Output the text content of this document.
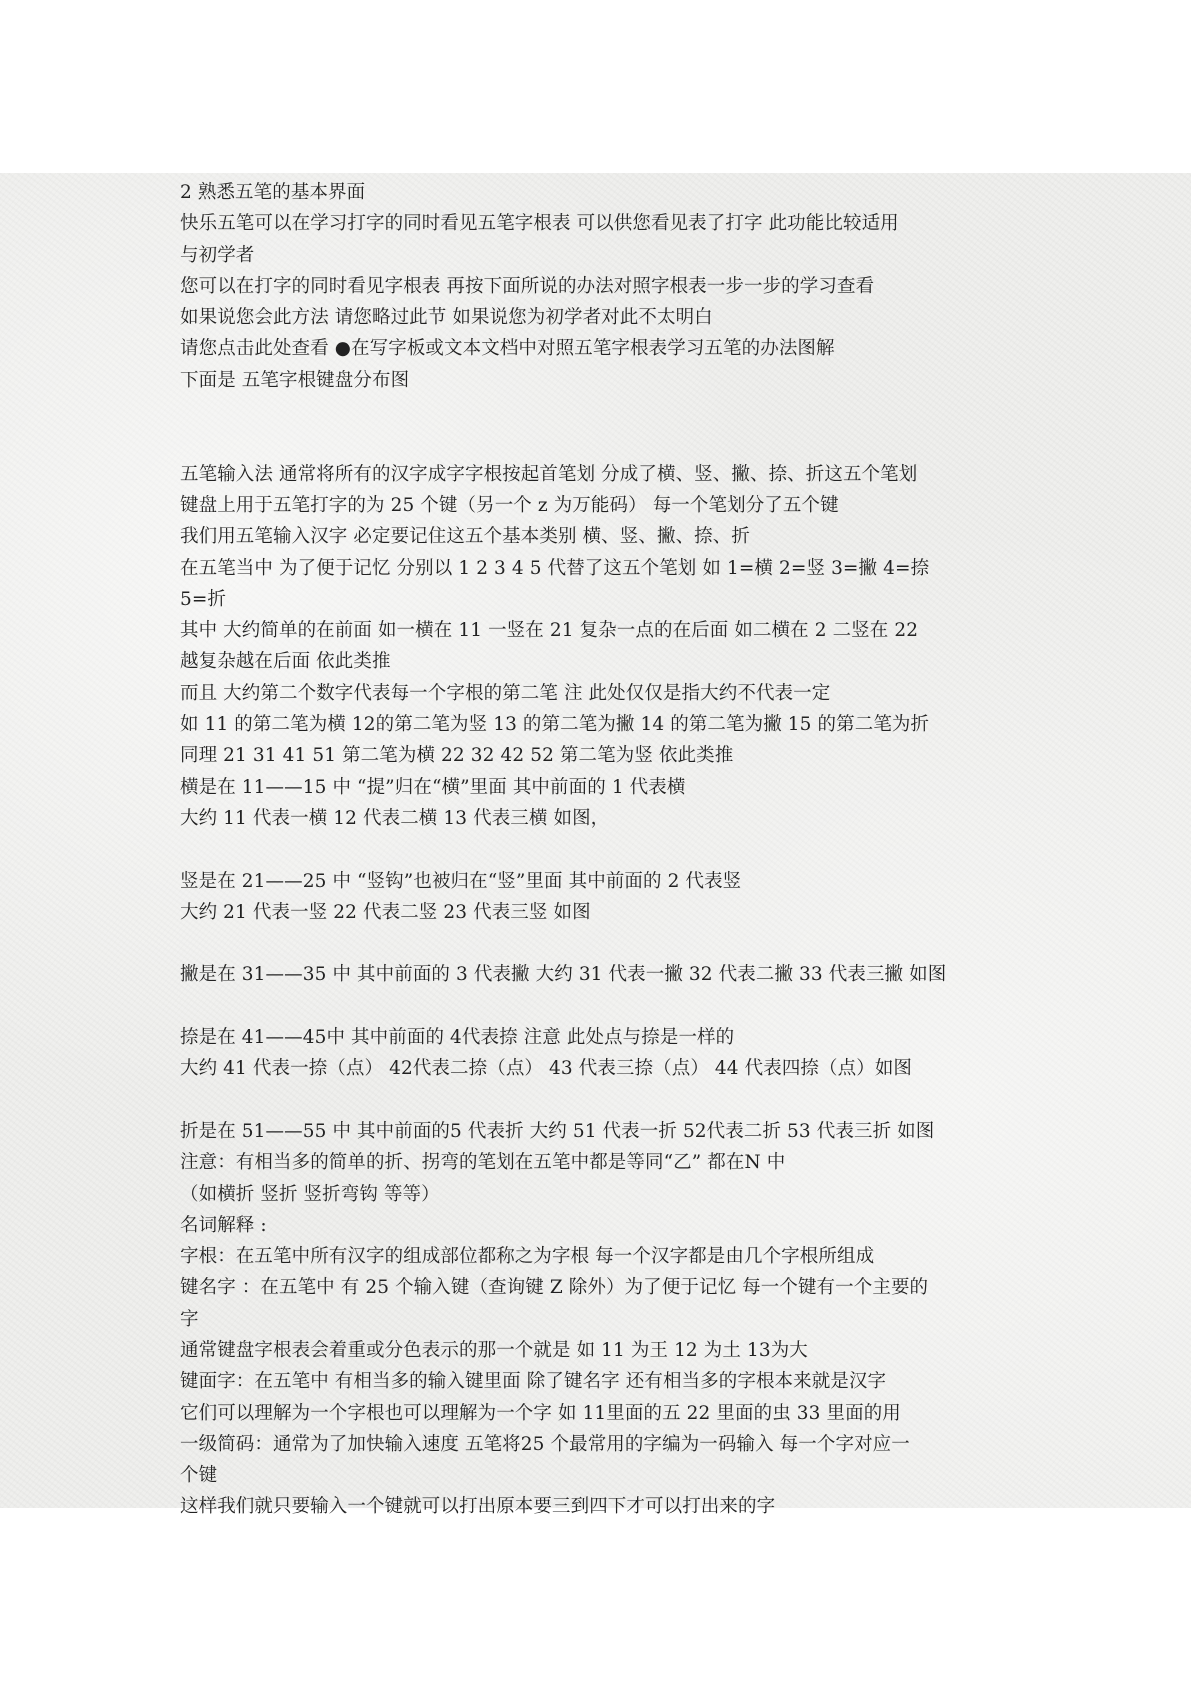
2 熟悉五笔的基本界面
快乐五笔可以在学习打字的同时看见五笔字根表 可以供您看见表了打字 此功能比较适用
与初学者
您可以在打字的同时看见字根表 再按下面所说的办法对照字根表一步一步的学习查看
如果说您会此方法 请您略过此节 如果说您为初学者对此不太明白
请您点击此处查看 ●在写字板或文本文档中对照五笔字根表学习五笔的办法图解
下面是 五笔字根键盘分布图
五笔输入法 通常将所有的汉字成字字根按起首笔划 分成了横、竖、撇、捺、折这五个笔划
键盘上用于五笔打字的为 25 个键（另一个 z 为万能码） 每一个笔划分了五个键
我们用五笔输入汉字 必定要记住这五个基本类别 横、竖、撇、捺、折
在五笔当中 为了便于记忆 分别以 1 2 3 4 5 代替了这五个笔划 如 1=横 2=竖 3=撇 4=捺
5=折
其中 大约简单的在前面 如一横在 11 一竖在 21 复杂一点的在后面 如二横在 2 二竖在 22
越复杂越在后面 依此类推
而且 大约第二个数字代表每一个字根的第二笔 注 此处仅仅是指大约不代表一定
如 11 的第二笔为横 12的第二笔为竖 13 的第二笔为撇 14 的第二笔为撇 15 的第二笔为折
同理 21 31 41 51 第二笔为横 22 32 42 52 第二笔为竖 依此类推
横是在 11——15 中 “提”归在“横”里面 其中前面的 1 代表横
大约 11 代表一横 12 代表二横 13 代表三横 如图，
竖是在 21——25 中 “竖钩”也被归在“竖”里面 其中前面的 2 代表竖
大约 21 代表一竖 22 代表二竖 23 代表三竖 如图
撇是在 31——35 中 其中前面的 3 代表撇 大约 31 代表一撇 32 代表二撇 33 代表三撇 如图
捺是在 41——45中 其中前面的 4代表捺 注意 此处点与捺是一样的
大约 41 代表一捺（点） 42代表二捺（点） 43 代表三捺（点） 44 代表四捺（点）如图
折是在 51——55 中 其中前面的5 代表折 大约 51 代表一折 52代表二折 53 代表三折 如图
注意：有相当多的简单的折、拐弯的笔划在五笔中都是等同“乙” 都在N 中
（如横折 竖折 竖折弯钩 等等）
名词解释 :
字根：在五笔中所有汉字的组成部位都称之为字根 每一个汉字都是由几个字根所组成
键名字 ：在五笔中 有 25 个输入键（查询键 Z 除外）为了便于记忆 每一个键有一个主要的
字
通常键盘字根表会着重或分色表示的那一个就是 如 11 为王 12 为土 13为大
键面字：在五笔中 有相当多的输入键里面 除了键名字 还有相当多的字根本来就是汉字
它们可以理解为一个字根也可以理解为一个字 如 11里面的五 22 里面的虫 33 里面的用
一级简码：通常为了加快输入速度 五笔将25 个最常用的字编为一码输入 每一个字对应一
个键
这样我们就只要输入一个键就可以打出原本要三到四下才可以打出来的字
